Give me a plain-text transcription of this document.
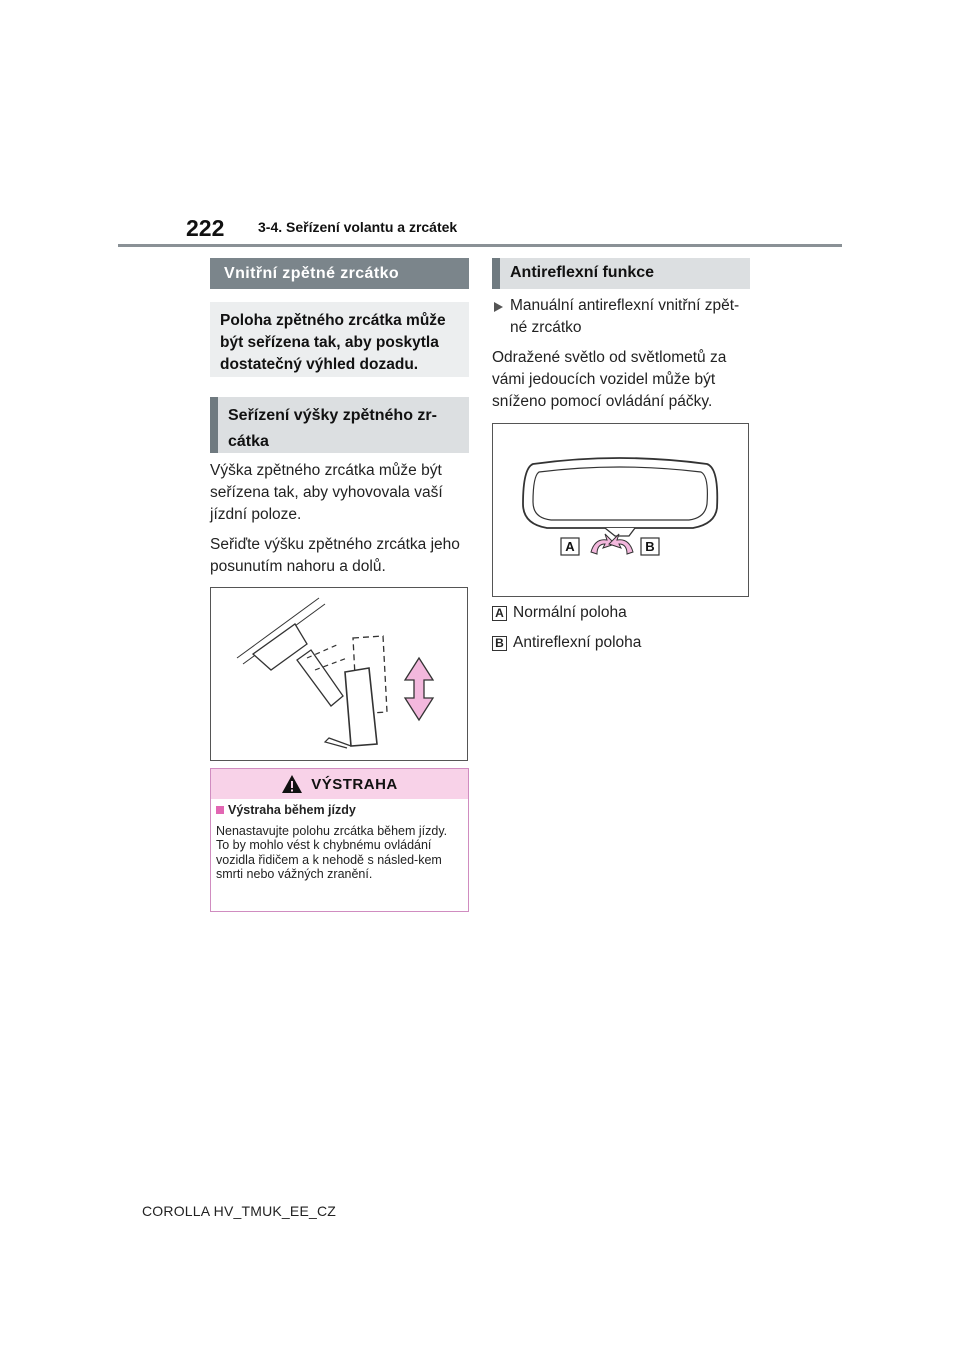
222 3-4. Seřízení volantu a zrcátek
Vnitřní zpětné zrcátko
Poloha zpětného zrcátka může být seřízena tak, aby poskytla dostatečný výhled dozadu.
Seřízení výšky zpětného zr-cátka

Výška zpětného zrcátka může být seřízena tak, aby vyhovovala vaší jízdní poloze.

Seřiďte výšku zpětného zrcátka jeho posunutím nahoru a dolů.

VÝSTRAHA
Výstraha během jízdy
Nenastavujte polohu zrcátka během jízdy. To by mohlo vést k chybnému ovládání vozidla řidičem a k nehodě s násled-kem smrti nebo vážných zranění.
Antireflexní funkce
Manuální antireflexní vnitřní zpět-né zrcátko

Odražené světlo od světlometů za vámi jedoucích vozidel může být sníženo pomocí ovládání páčky.

A	B
A Normální poloha
B Antireflexní poloha
COROLLA HV_TMUK_EE_CZ
